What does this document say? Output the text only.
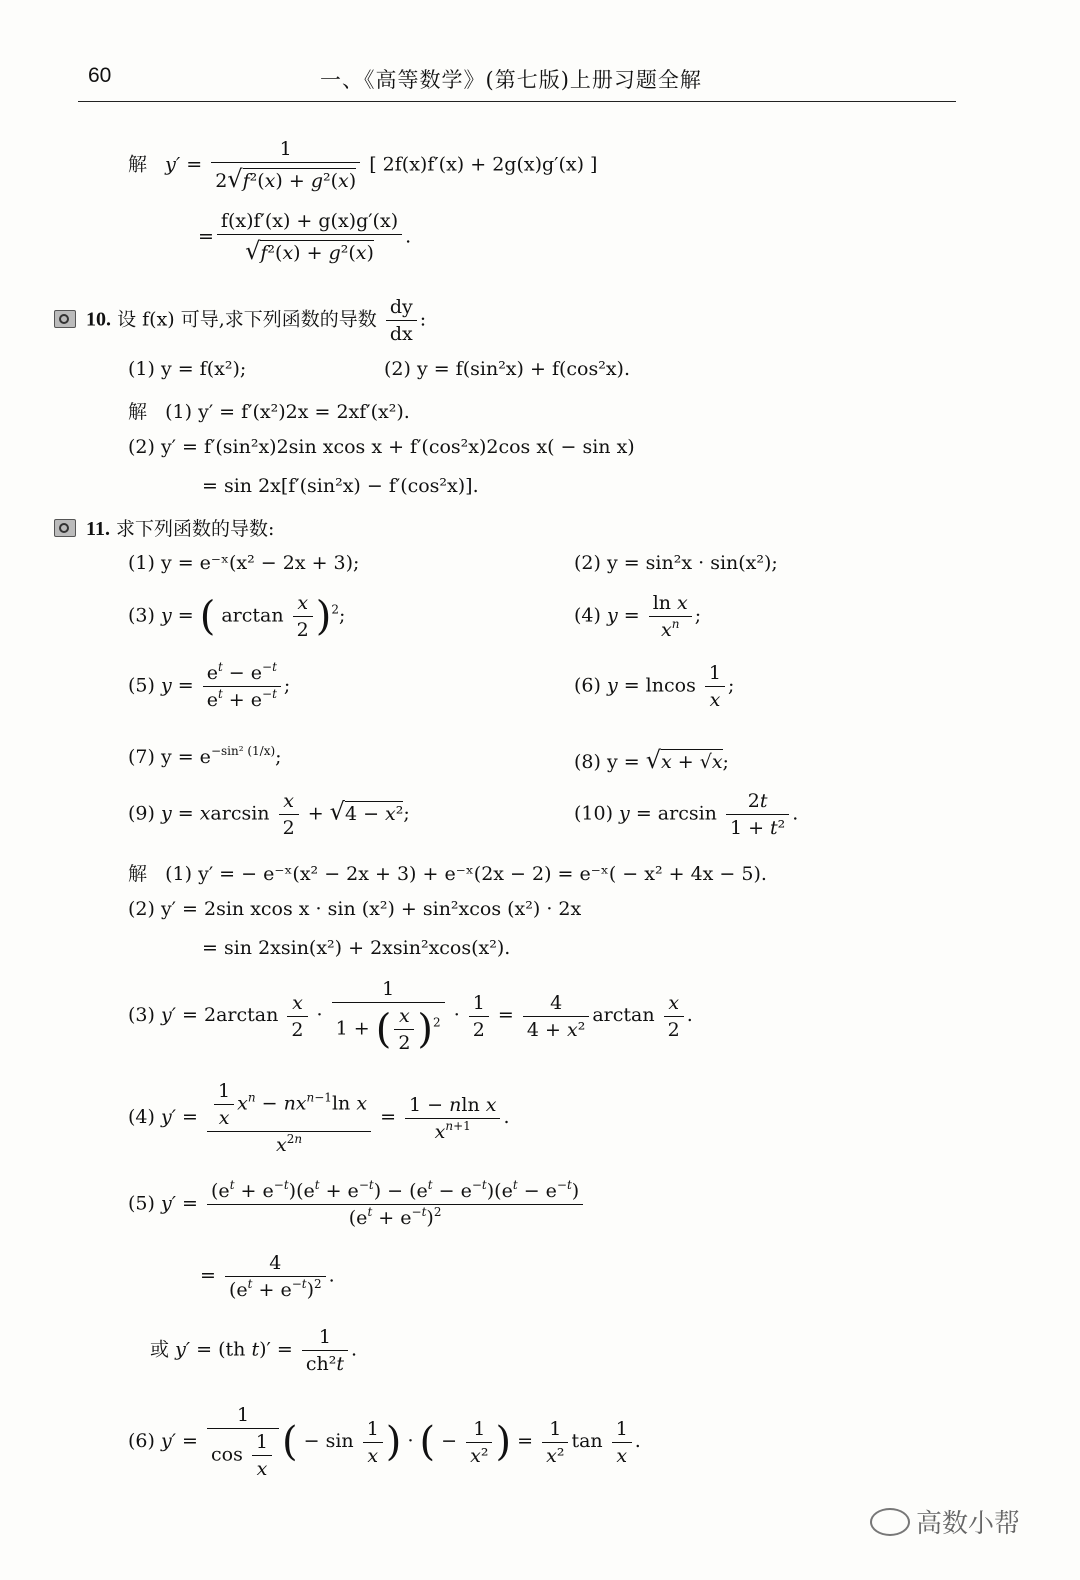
60	一、《高等数学》(第七版)上册习题全解
解 $y' = \frac{1}{\text{2√f²(x) + g²(x)}}$ [ 2f(x)f′(x) + 2g(x)g′(x) ]
= $\frac{f(x)f'(x) + g(x)g'(x)}{\text{√f²(x) + g²(x)}}$ .
10. 设 f(x) 可导,求下列函数的导数 $\frac{dy}{dx}$ :
(1) y = f(x²);	(2) y = f(sin²x) + f(cos²x).
解 (1) y′ = f′(x²)2x = 2xf′(x²).
(2) y′ = f′(sin²x)2sin xcos x + f′(cos²x)2cos x( − sin x)
= sin 2x[f′(sin²x) − f′(cos²x)].
11. 求下列函数的导数:
(1) y = e⁻ˣ(x² − 2x + 3);	(2) y = sin²x · sin(x²);
(3) y = ( $\arctan \frac{x}{2} )^2$;	(4) $y = \frac{\text{ln x}}{x^n}$ ;
(5) $y = \frac{e^t - e^{-t}}{e^t + e^{-t}}$ ;	(6) y = lncos $\frac{1}{x}$ ;
(7) $y = e^{-sin^2 (1/x)}$;	(8) y = √x + √x;
(9) y = xarcsin $\frac{x}{2} + √4 - x^2$;	(10) $y = \arcsin \frac{2t}{\text{1 + t²}}$ .
解 (1) y′ = − e⁻ˣ(x² − 2x + 3) + e⁻ˣ(2x − 2) = e⁻ˣ( − x² + 4x − 5).
(2) y′ = 2sin xcos x · sin (x²) + sin²xcos (x²) · 2x
= sin 2xsin(x²) + 2xsin²xcos(x²).
(3) $y' = 2\arctan \frac{x}{2} \cdot \frac{1}{1 + ( \frac{x}{2} )^2} \cdot \frac{1}{2} = \frac{4}{\text{4 + x²}}$ $\arctan \frac{x}{2}$ .
(4) $y' = \frac{\frac{1}{x} x^n - nx^{n-1}\ln x}{x^{2n}} = \frac{\text{1 − nln x}}{x^{n+1}}$ .
(5) $y' = \frac{(e^t + e^{-t})(e^t + e^{-t}) - (e^t - e^{-t})(e^t - e^{-t})}{(e^t + e^{-t})^2}$
= $\frac{4}{(e^t + e^{-t})^2}$ .
或 y′ = (th $t)' = \frac{1}{\text{ch²t}}$ .
(6) $y' = \frac{1}{\cos \frac{1}{x}}$ ( − $\sin \frac{1}{x}$ ) · ( − $\frac{1}{\text{x²}}$ ) = $\frac{1}{\text{x²}}$ $\tan \frac{1}{x}$ .
高数小帮
